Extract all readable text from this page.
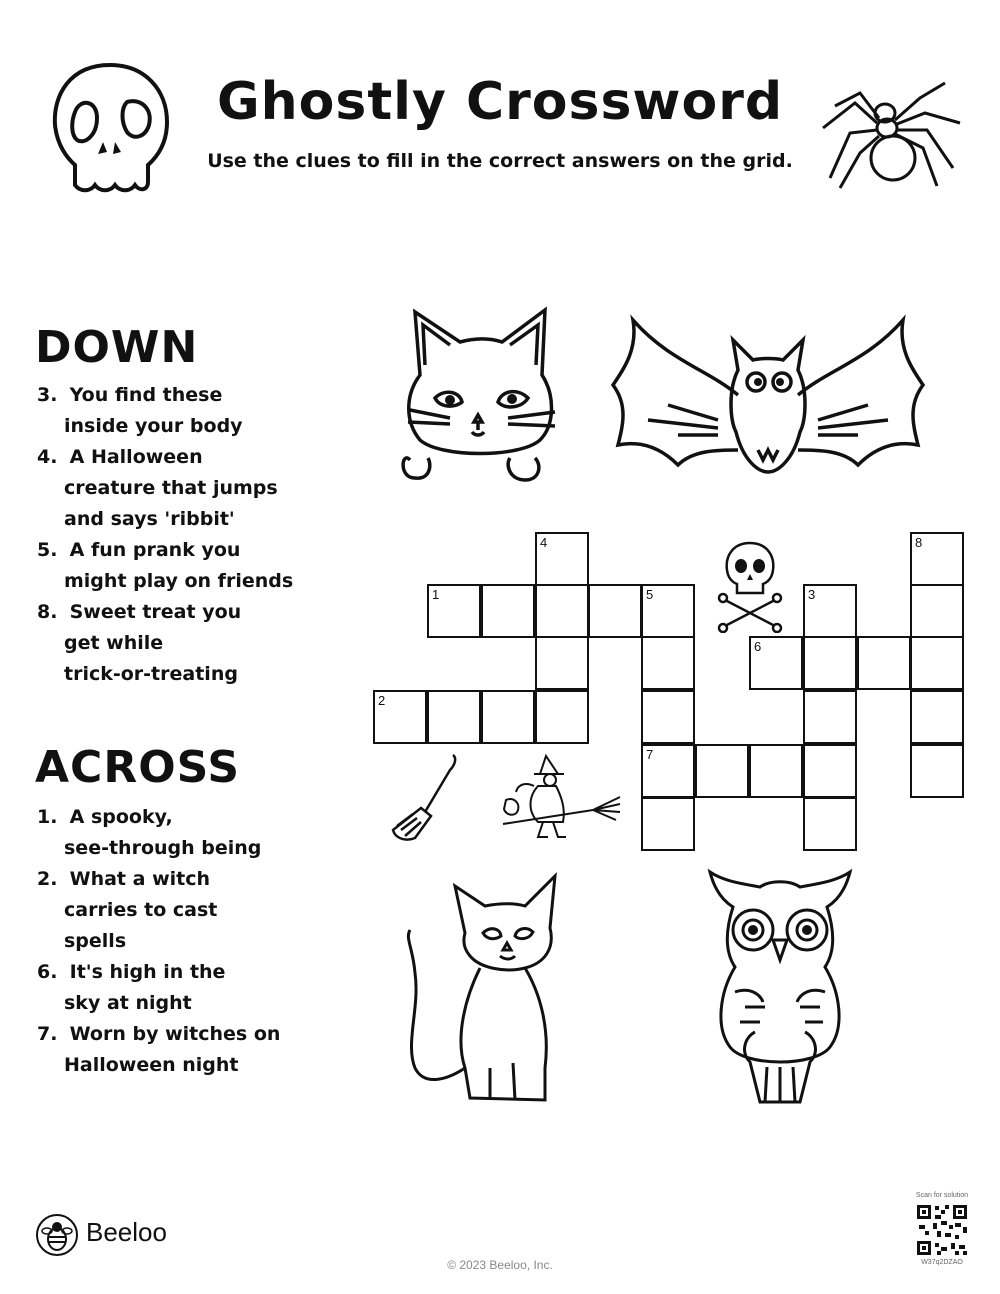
Ghostly Crossword
Use the clues to fill in the correct answers on the grid.
DOWN
3. You find these
inside your body
4. A Halloween
creature that jumps
and says 'ribbit'
5. A fun prank you
might play on friends
8. Sweet treat you
get while
trick-or-treating
ACROSS
1. A spooky,
see-through being
2. What a witch
carries to cast
spells
6. It's high in the
sky at night
7. Worn by witches on
Halloween night
4
1	5
7
2
3
6
8
Beeloo
© 2023 Beeloo, Inc.
Scan for solution
W37q2DZAO
